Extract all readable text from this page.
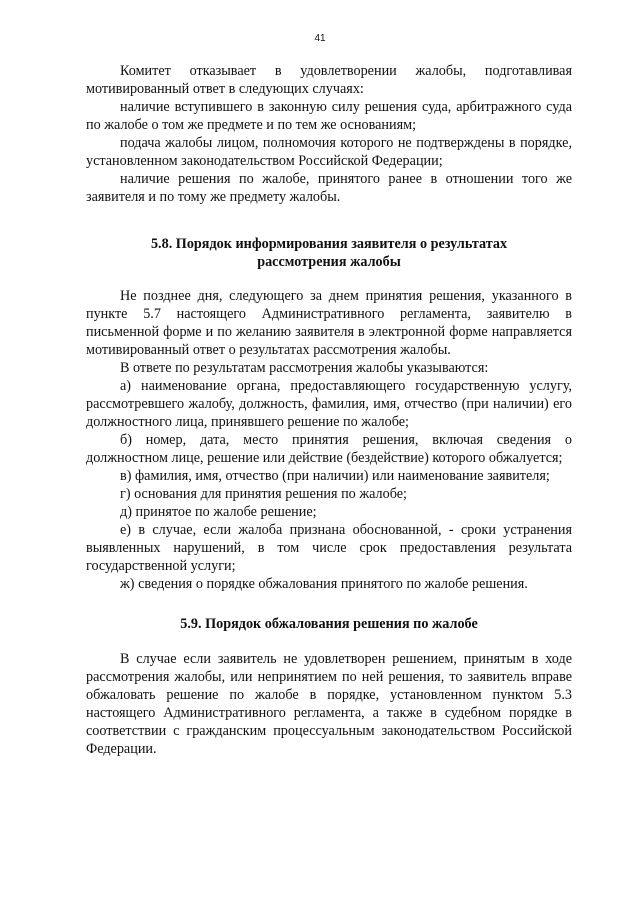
41

Комитет отказывает в удовлетворении жалобы, подготавливая мотивированный ответ в следующих случаях:

наличие вступившего в законную силу решения суда, арбитражного суда по жалобе о том же предмете и по тем же основаниям;

подача жалобы лицом, полномочия которого не подтверждены в порядке, установленном законодательством Российской Федерации;

наличие решения по жалобе, принятого ранее в отношении того же заявителя и по тому же предмету жалобы.

5.8. Порядок информирования заявителя о результатах
рассмотрения жалобы

Не позднее дня, следующего за днем принятия решения, указанного в пункте 5.7 настоящего Административного регламента, заявителю в письменной форме и по желанию заявителя в электронной форме направляется мотивированный ответ о результатах рассмотрения жалобы.

В ответе по результатам рассмотрения жалобы указываются:

а) наименование органа, предоставляющего государственную услугу, рассмотревшего жалобу, должность, фамилия, имя, отчество (при наличии) его должностного лица, принявшего решение по жалобе;

б) номер, дата, место принятия решения, включая сведения о должностном лице, решение или действие (бездействие) которого обжалуется;

в) фамилия, имя, отчество (при наличии) или наименование заявителя;

г) основания для принятия решения по жалобе;

д) принятое по жалобе решение;

е) в случае, если жалоба признана обоснованной, - сроки устранения выявленных нарушений, в том числе срок предоставления результата государственной услуги;

ж) сведения о порядке обжалования принятого по жалобе решения.

5.9. Порядок обжалования решения по жалобе

В случае если заявитель не удовлетворен решением, принятым в ходе рассмотрения жалобы, или непринятием по ней решения, то заявитель вправе обжаловать решение по жалобе в порядке, установленном пунктом 5.3 настоящего Административного регламента, а также в судебном порядке в соответствии с гражданским процессуальным законодательством Российской Федерации.
